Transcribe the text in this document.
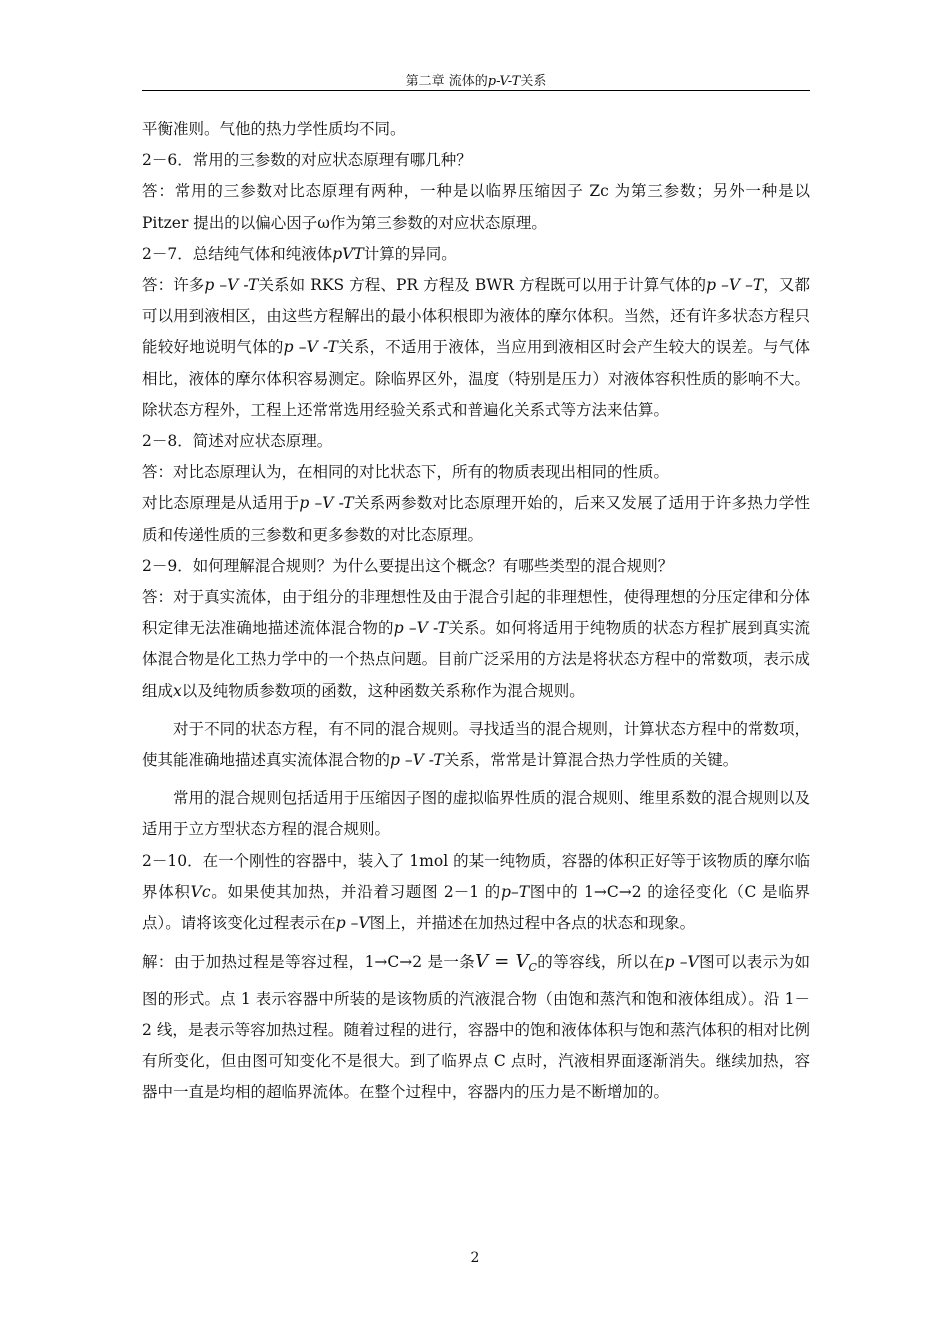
第二章 流体的p-V-T关系

平衡准则。气他的热力学性质均不同。

2－6．常用的三参数的对应状态原理有哪几种？

答：常用的三参数对比态原理有两种，一种是以临界压缩因子 Zc 为第三参数；另外一种是以 Pitzer 提出的以偏心因子ω作为第三参数的对应状态原理。

2－7．总结纯气体和纯液体pVT计算的异同。

答：许多p –V -T关系如 RKS 方程、PR 方程及 BWR 方程既可以用于计算气体的p –V –T，又都可以用到液相区，由这些方程解出的最小体积根即为液体的摩尔体积。当然，还有许多状态方程只能较好地说明气体的p –V -T关系，不适用于液体，当应用到液相区时会产生较大的误差。与气体相比，液体的摩尔体积容易测定。除临界区外，温度（特别是压力）对液体容积性质的影响不大。除状态方程外，工程上还常常选用经验关系式和普遍化关系式等方法来估算。

2－8．简述对应状态原理。

答：对比态原理认为，在相同的对比状态下，所有的物质表现出相同的性质。

对比态原理是从适用于p –V -T关系两参数对比态原理开始的，后来又发展了适用于许多热力学性质和传递性质的三参数和更多参数的对比态原理。

2－9．如何理解混合规则？为什么要提出这个概念？有哪些类型的混合规则？

答：对于真实流体，由于组分的非理想性及由于混合引起的非理想性，使得理想的分压定律和分体积定律无法准确地描述流体混合物的p –V -T关系。如何将适用于纯物质的状态方程扩展到真实流体混合物是化工热力学中的一个热点问题。目前广泛采用的方法是将状态方程中的常数项，表示成组成x以及纯物质参数项的函数，这种函数关系称作为混合规则。

对于不同的状态方程，有不同的混合规则。寻找适当的混合规则，计算状态方程中的常数项，使其能准确地描述真实流体混合物的p –V -T关系，常常是计算混合热力学性质的关键。

常用的混合规则包括适用于压缩因子图的虚拟临界性质的混合规则、维里系数的混合规则以及适用于立方型状态方程的混合规则。

2－10．在一个刚性的容器中，装入了 1mol 的某一纯物质，容器的体积正好等于该物质的摩尔临界体积Vc。如果使其加热，并沿着习题图 2－1 的p–T图中的 1→C→2 的途径变化（C 是临界点）。请将该变化过程表示在p –V图上，并描述在加热过程中各点的状态和现象。

解：由于加热过程是等容过程，1→C→2 是一条$V = V_C$的等容线，所以在p –V图可以表示为如图的形式。点 1 表示容器中所装的是该物质的汽液混合物（由饱和蒸汽和饱和液体组成）。沿 1－2 线，是表示等容加热过程。随着过程的进行，容器中的饱和液体体积与饱和蒸汽体积的相对比例有所变化，但由图可知变化不是很大。到了临界点 C 点时，汽液相界面逐渐消失。继续加热，容器中一直是均相的超临界流体。在整个过程中，容器内的压力是不断增加的。

2
